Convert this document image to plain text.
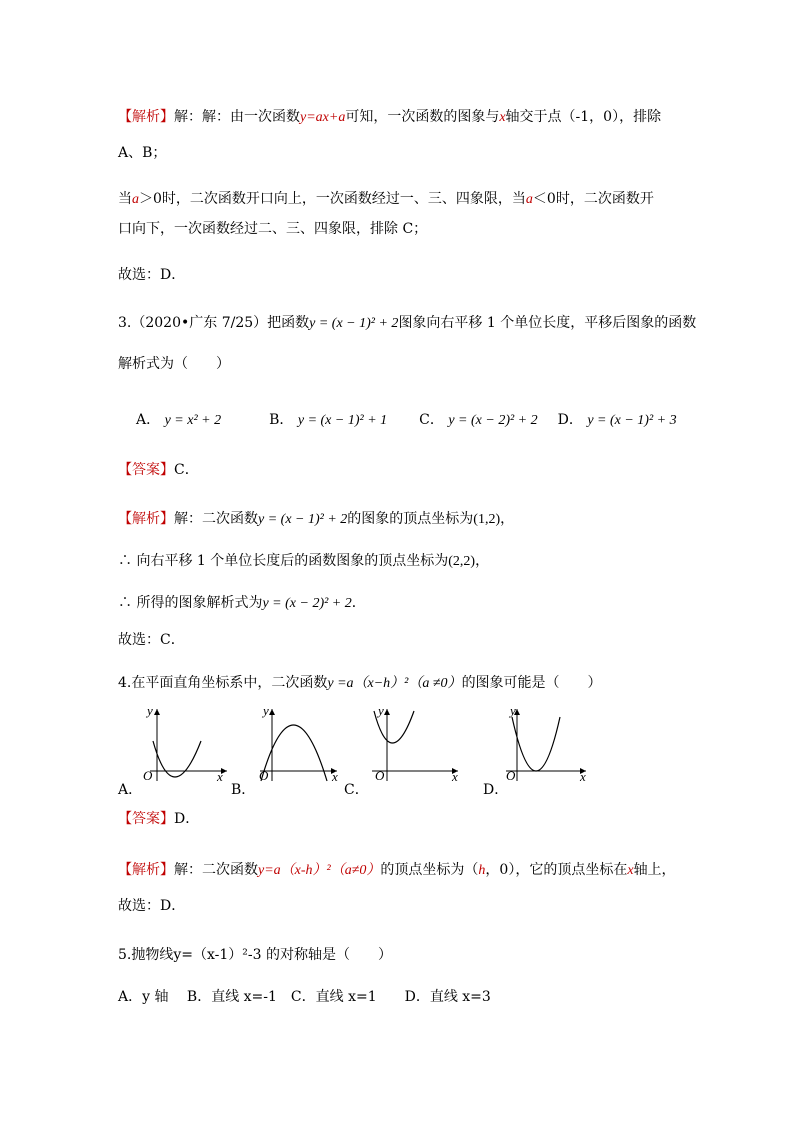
【解析】解：解：由一次函数y=ax+a可知，一次函数的图象与x轴交于点（-1，0），排除
A、B；
当a＞0时，二次函数开口向上，一次函数经过一、三、四象限，当a＜0时，二次函数开
口向下，一次函数经过二、三、四象限，排除 C；
故选：D．
3.（2020•广东 7/25）把函数y = (x − 1)² + 2图象向右平移 1 个单位长度，平移后图象的函数
解析式为（　　）
A． y = x² + 2	B． y = (x − 1)² + 1 C． y = (x − 2)² + 2 D． y = (x − 1)² + 3
【答案】C．
【解析】解：二次函数y = (x − 1)² + 2的图象的顶点坐标为(1,2)，
∴ 向右平移 1 个单位长度后的函数图象的顶点坐标为(2,2)，
∴ 所得的图象解析式为y = (x − 2)² + 2．
故选：C．
4.在平面直角坐标系中，二次函数y =a（x−h）²（a ≠0）的图象可能是（　　）
y
x
O
A．
y
x
O
B．
y
x
O
C．
y
x
O
D．
【答案】D．
【解析】解：二次函数y=a（x-h）²（a≠0）的顶点坐标为（h，0），它的顶点坐标在x轴上，
故选：D．
5.抛物线y=（x-1）²-3 的对称轴是（　　）
A．y 轴　 B．直线 x=-1　C．直线 x=1　　D．直线 x=3
